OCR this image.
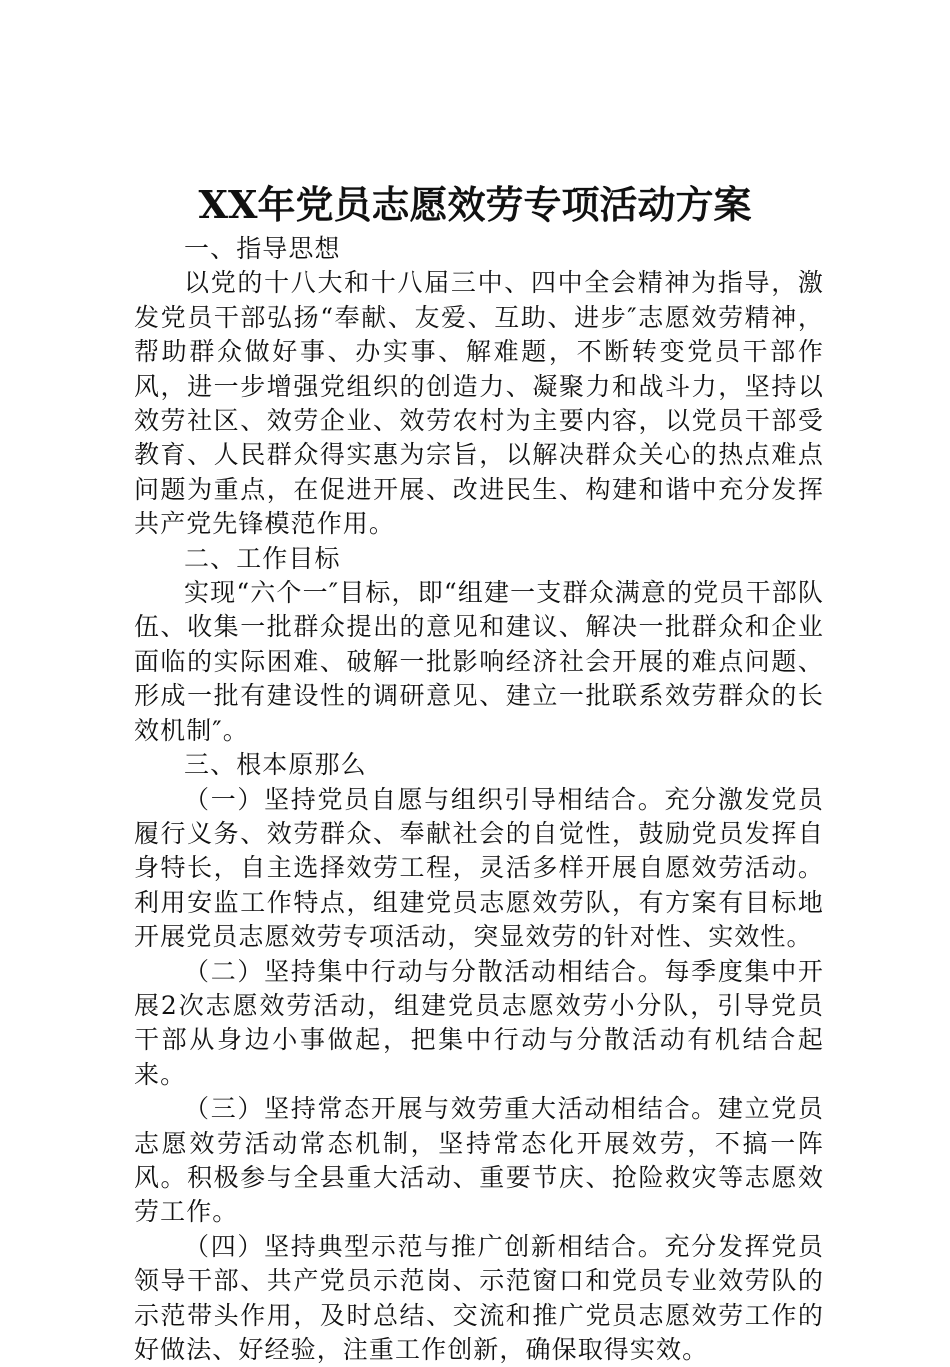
XX年党员志愿效劳专项活动方案

一、指导思想

以党的十八大和十八届三中、四中全会精神为指导，激发党员干部弘扬“奉献、友爱、互助、进步″志愿效劳精神，帮助群众做好事、办实事、解难题，不断转变党员干部作风，进一步增强党组织的创造力、凝聚力和战斗力，坚持以效劳社区、效劳企业、效劳农村为主要内容，以党员干部受教育、人民群众得实惠为宗旨，以解决群众关心的热点难点问题为重点，在促进开展、改进民生、构建和谐中充分发挥共产党先锋模范作用。

二、工作目标

实现“六个一″目标，即“组建一支群众满意的党员干部队伍、收集一批群众提出的意见和建议、解决一批群众和企业面临的实际困难、破解一批影响经济社会开展的难点问题、形成一批有建设性的调研意见、建立一批联系效劳群众的长效机制″。

三、根本原那么

（一）坚持党员自愿与组织引导相结合。充分激发党员履行义务、效劳群众、奉献社会的自觉性，鼓励党员发挥自身特长，自主选择效劳工程，灵活多样开展自愿效劳活动。利用安监工作特点，组建党员志愿效劳队，有方案有目标地开展党员志愿效劳专项活动，突显效劳的针对性、实效性。

（二）坚持集中行动与分散活动相结合。每季度集中开展2次志愿效劳活动，组建党员志愿效劳小分队，引导党员干部从身边小事做起，把集中行动与分散活动有机结合起来。

（三）坚持常态开展与效劳重大活动相结合。建立党员志愿效劳活动常态机制，坚持常态化开展效劳，不搞一阵风。积极参与全县重大活动、重要节庆、抢险救灾等志愿效劳工作。

（四）坚持典型示范与推广创新相结合。充分发挥党员领导干部、共产党员示范岗、示范窗口和党员专业效劳队的示范带头作用，及时总结、交流和推广党员志愿效劳工作的好做法、好经验，注重工作创新，确保取得实效。
